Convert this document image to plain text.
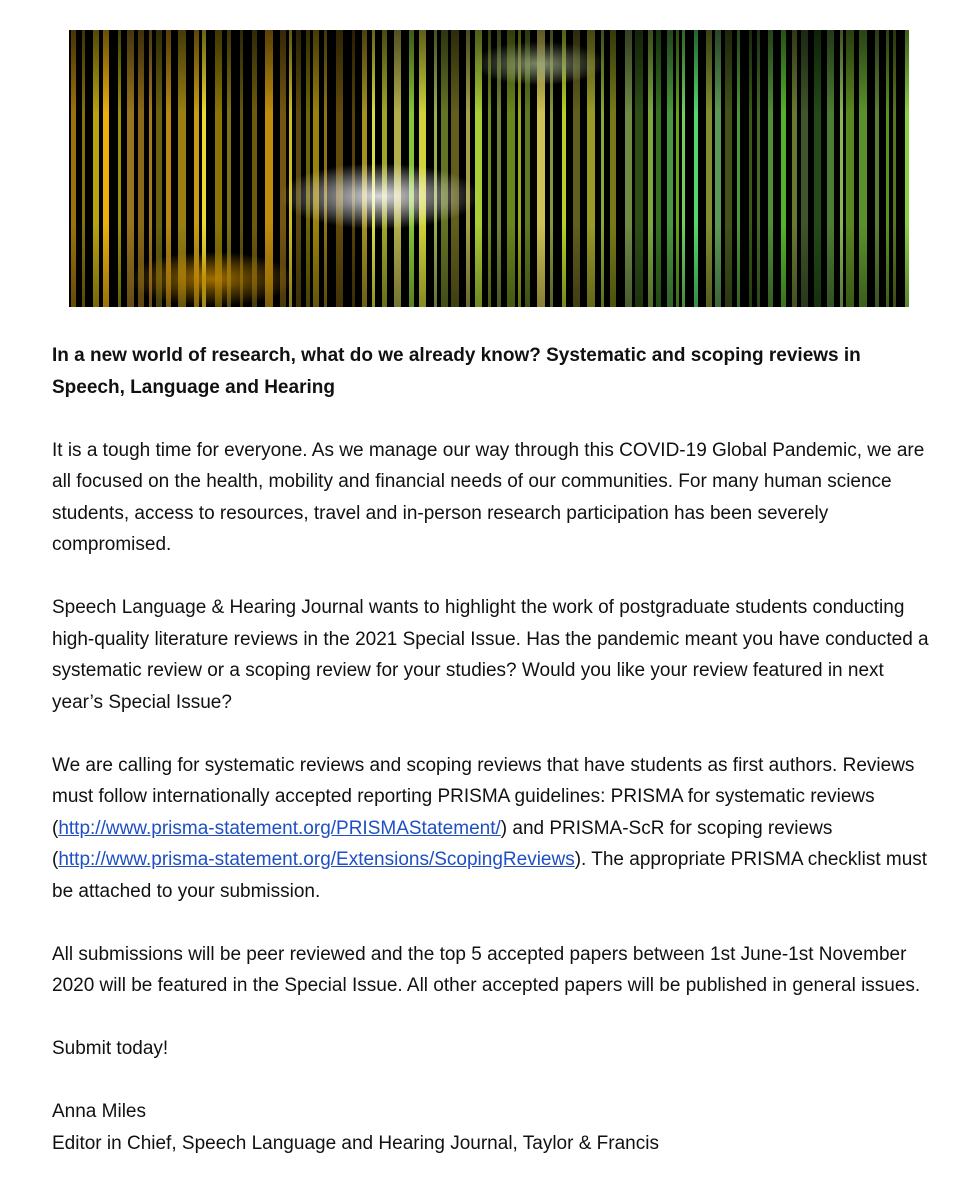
In a new world of research, what do we already know? Systematic and scoping reviews in Speech, Language and Hearing

It is a tough time for everyone. As we manage our way through this COVID-19 Global Pandemic, we are all focused on the health, mobility and financial needs of our communities. For many human science students, access to resources, travel and in-person research participation has been severely compromised.

Speech Language & Hearing Journal wants to highlight the work of postgraduate students conducting high-quality literature reviews in the 2021 Special Issue. Has the pandemic meant you have conducted a systematic review or a scoping review for your studies? Would you like your review featured in next year’s Special Issue?

We are calling for systematic reviews and scoping reviews that have students as first authors. Reviews must follow internationally accepted reporting PRISMA guidelines: PRISMA for systematic reviews (http://www.prisma-statement.org/PRISMAStatement/) and PRISMA-ScR for scoping reviews (http://www.prisma-statement.org/Extensions/ScopingReviews). The appropriate PRISMA checklist must be attached to your submission.

All submissions will be peer reviewed and the top 5 accepted papers between 1st June-1st November 2020 will be featured in the Special Issue. All other accepted papers will be published in general issues.

Submit today!

Anna Miles

Editor in Chief, Speech Language and Hearing Journal, Taylor & Francis
